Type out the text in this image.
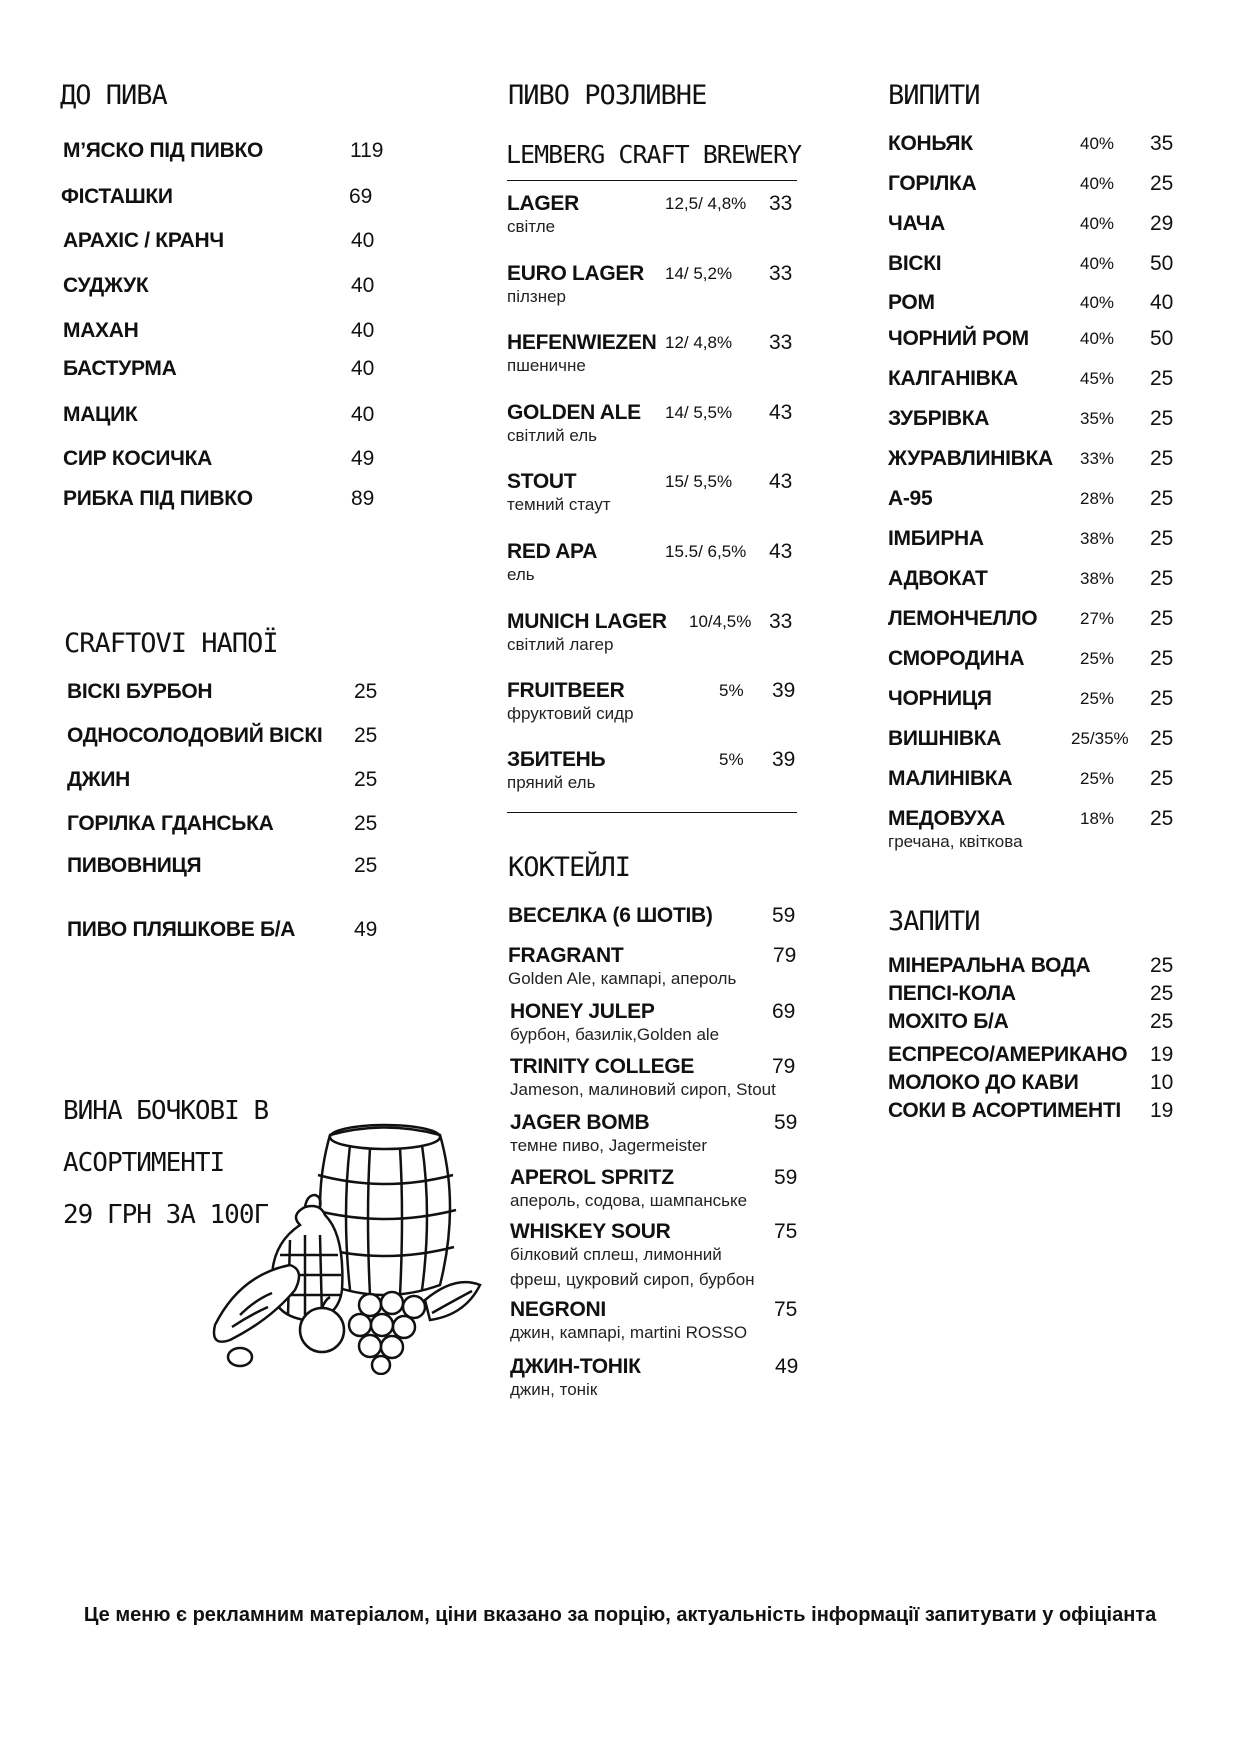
ДО ПИВА
М’ЯСКО ПІД ПИВКО	119
ФІСТАШКИ	69
АРАХІС / КРАНЧ	40
СУДЖУК	40
МАХАН	40
БАСТУРМА	40
МАЦИК	40
СИР КОСИЧКА	49
РИБКА ПІД ПИВКО	89
CRAFTOVI НАПОЇ
ВІСКІ БУРБОН	25
ОДНОСОЛОДОВИЙ ВІСКІ 25
ДЖИН	25
ГОРІЛКА ГДАНСЬКА	25
ПИВОВНИЦЯ	25
ПИВО ПЛЯШКОВЕ Б/А	49
ВИНА БОЧКОВІ В
АСОРТИМЕНТІ
29 ГРН ЗА 100Г
ПИВО РОЗЛИВНЕ
LEMBERG CRAFT BREWERY
LAGER	12,5/ 4,8% 33
світле
EURO LAGER 14/ 5,2% 33
пілзнер
HEFENWIEZEN 12/ 4,8% 33
пшеничне
GOLDEN ALE 14/ 5,5% 43
світлий ель
STOUT	15/ 5,5% 43
темний стаут
RED APA	15.5/ 6,5% 43
ель
MUNICH LAGER 10/4,5% 33
світлий лагер
FRUITBEER	5% 39
фруктовий сидр
ЗБИТЕНЬ	5% 39
пряний ель
КОКТЕЙЛІ
ВЕСЕЛКА (6 ШОТІВ)	59
FRAGRANT	79
Golden Ale, кампарі, апероль
HONEY JULEP	69
бурбон, базилік,Golden ale
TRINITY COLLEGE	79
Jameson, малиновий сироп, Stout
JAGER BOMB	59
темне пиво, Jagermeister
APEROL SPRITZ	59
апероль, содова, шампанське
WHISKEY SOUR	75
білковий сплеш, лимонний
фреш, цукровий сироп, бурбон
NEGRONI	75
джин, кампарі, martini ROSSO
ДЖИН-ТОНІК	49
джин, тонік
ВИПИТИ
КОНЬЯК	40% 35
ГОРІЛКА	40% 25
ЧАЧА	40% 29
ВІСКІ	40% 50
РОМ	40% 40
ЧОРНИЙ РОМ	40% 50
КАЛГАНІВКА	45% 25
ЗУБРІВКА	35% 25
ЖУРАВЛИНІВКА 33% 25
А-95	28% 25
ІМБИРНА	38% 25
АДВОКАТ	38% 25
ЛЕМОНЧЕЛЛО	27% 25
СМОРОДИНА	25% 25
ЧОРНИЦЯ	25% 25
ВИШНІВКА	25/35% 25
МАЛИНІВКА	25% 25
МЕДОВУХА	18% 25
гречана, квіткова
ЗАПИТИ
МІНЕРАЛЬНА ВОДА	25
ПЕПСІ-КОЛА	25
МОХІТО Б/А	25
ЕСПРЕСО/АМЕРИКАНО 19
МОЛОКО ДО КАВИ	10
СОКИ В АСОРТИМЕНТІ 19
Це меню є рекламним матеріалом, ціни вказано за порцію, актуальність інформації запитувати у офіціанта
